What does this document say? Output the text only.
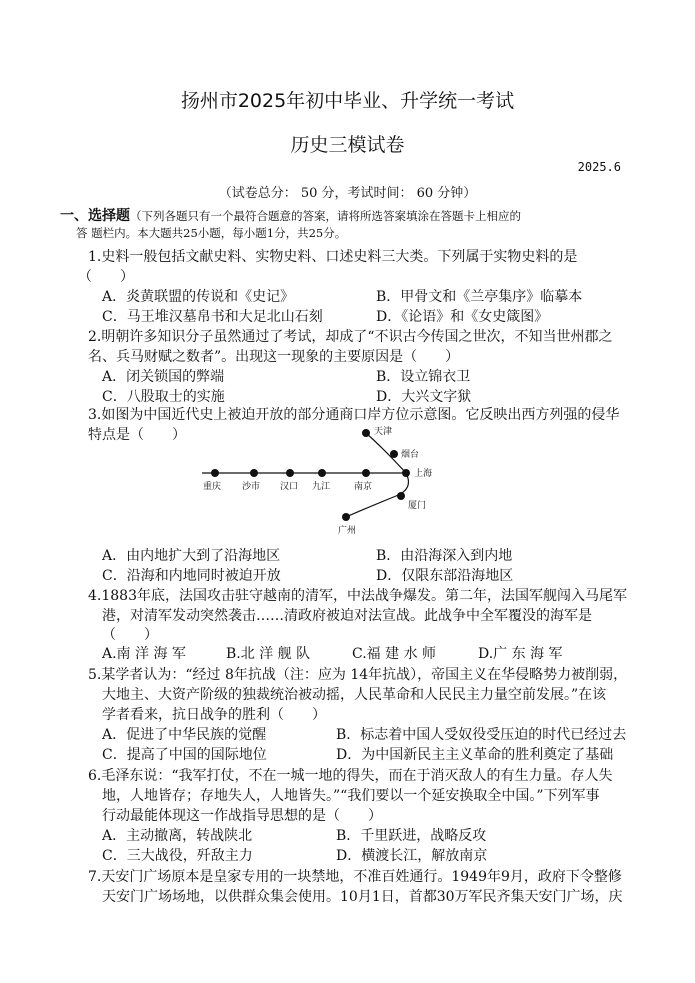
扬州市2025年初中毕业、升学统一考试
历史三模试卷
2025.6
（试卷总分： 50 分，考试时间： 60 分钟）
一、选择题（下列各题只有一个最符合题意的答案，请将所选答案填涂在答题卡上相应的
答 题栏内。本大题共25小题，每小题1分，共25分。
1.史料一般包括文献史料、实物史料、口述史料三大类。下列属于实物史料的是
（　　）
A．炎黄联盟的传说和《史记》	B．甲骨文和《兰亭集序》临摹本
C．马王堆汉墓帛书和大足北山石刻	D．《论语》和《女史箴图》
2.明朝许多知识分子虽然通过了考试，却成了“不识古今传国之世次，不知当世州郡之
名、兵马财赋之数者”。出现这一现象的主要原因是（　　）
A．闭关锁国的弊端	B．设立锦衣卫
C．八股取士的实施	D．大兴文字狱
3.如图为中国近代史上被迫开放的部分通商口岸方位示意图。它反映出西方列强的侵华
特点是（　　）	天津
烟台
上海
重庆 沙市 汉口 九江	南京
厦门
广州
A．由内地扩大到了沿海地区	B．由沿海深入到内地
C．沿海和内地同时被迫开放	D．仅限东部沿海地区
4.1883年底，法国攻击驻守越南的清军，中法战争爆发。第二年，法国军舰闯入马尾军
港，对清军发动突然袭击……清政府被迫对法宣战。此战争中全军覆没的海军是
（　　）
A.南 洋 海 军	B.北 洋 舰 队	C.福 建 水 师	D.广 东 海 军
5.某学者认为：“经过 8年抗战（注：应为 14年抗战），帝国主义在华侵略势力被削弱，
大地主、大资产阶级的独裁统治被动摇，人民革命和人民民主力量空前发展。”在该
学者看来，抗日战争的胜利（　　）
A．促进了中华民族的觉醒	B．标志着中国人受奴役受压迫的时代已经过去
C．提高了中国的国际地位	D．为中国新民主主义革命的胜利奠定了基础
6.毛泽东说：“我军打仗，不在一城一地的得失，而在于消灭敌人的有生力量。存人失
地，人地皆存；存地失人，人地皆失。”“我们要以一个延安换取全中国。”下列军事
行动最能体现这一作战指导思想的是（　　）
A．主动撤离，转战陕北	B．千里跃进，战略反攻
C．三大战役，歼敌主力	D．横渡长江，解放南京
7.天安门广场原本是皇家专用的一块禁地，不准百姓通行。1949年9月，政府下令整修
天安门广场场地，以供群众集会使用。10月1日，首都30万军民齐集天安门广场，庆
